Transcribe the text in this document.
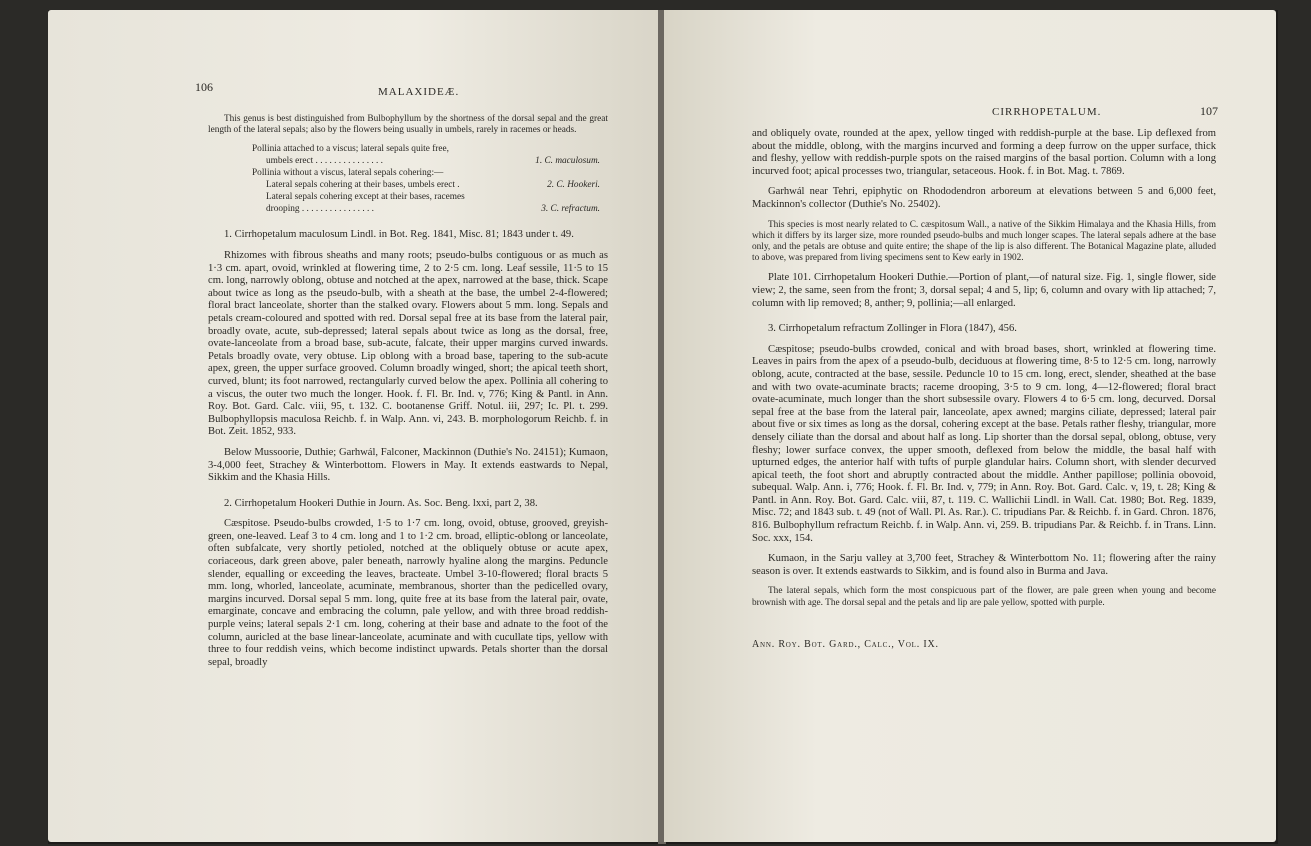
106	MALAXIDEÆ.

This genus is best distinguished from Bulbophyllum by the shortness of the dorsal sepal and the great length of the lateral sepals; also by the flowers being usually in umbels, rarely in racemes or heads.

Pollinia attached to a viscus; lateral sepals quite free,
umbels erect . . . . . . . . . . . . . . .	1. C. maculosum.
Pollinia without a viscus, lateral sepals cohering:—
Lateral sepals cohering at their bases, umbels erect .	2. C. Hookeri.
Lateral sepals cohering except at their bases, racemes
drooping . . . . . . . . . . . . . . . .	3. C. refractum.

1. Cirrhopetalum maculosum Lindl. in Bot. Reg. 1841, Misc. 81; 1843 under t. 49.

Rhizomes with fibrous sheaths and many roots; pseudo-bulbs contiguous or as much as 1·3 cm. apart, ovoid, wrinkled at flowering time, 2 to 2·5 cm. long. Leaf sessile, 11·5 to 15 cm. long, narrowly oblong, obtuse and notched at the apex, narrowed at the base, thick. Scape about twice as long as the pseudo-bulb, with a sheath at the base, the umbel 2-4-flowered; floral bract lanceolate, shorter than the stalked ovary. Flowers about 5 mm. long. Sepals and petals cream-coloured and spotted with red. Dorsal sepal free at its base from the lateral pair, broadly ovate, acute, sub-depressed; lateral sepals about twice as long as the dorsal, free, ovate-lanceolate from a broad base, sub-acute, falcate, their upper margins curved inwards. Petals broadly ovate, very obtuse. Lip oblong with a broad base, tapering to the sub-acute apex, green, the upper surface grooved. Column broadly winged, short; the apical teeth short, curved, blunt; its foot narrowed, rectangularly curved below the apex. Pollinia all cohering to a viscus, the outer two much the longer. Hook. f. Fl. Br. Ind. v, 776; King & Pantl. in Ann. Roy. Bot. Gard. Calc. viii, 95, t. 132. C. bootanense Griff. Notul. iii, 297; Ic. Pl. t. 299. Bulbophyllopsis maculosa Reichb. f. in Walp. Ann. vi, 243. B. morphologorum Reichb. f. in Bot. Zeit. 1852, 933.

Below Mussoorie, Duthie; Garhwál, Falconer, Mackinnon (Duthie's No. 24151); Kumaon, 3-4,000 feet, Strachey & Winterbottom. Flowers in May. It extends eastwards to Nepal, Sikkim and the Khasia Hills.

2. Cirrhopetalum Hookeri Duthie in Journ. As. Soc. Beng. lxxi, part 2, 38.

Cæspitose. Pseudo-bulbs crowded, 1·5 to 1·7 cm. long, ovoid, obtuse, grooved, greyish-green, one-leaved. Leaf 3 to 4 cm. long and 1 to 1·2 cm. broad, elliptic-oblong or lanceolate, often subfalcate, very shortly petioled, notched at the obliquely obtuse or acute apex, coriaceous, dark green above, paler beneath, narrowly hyaline along the margins. Peduncle slender, equalling or exceeding the leaves, bracteate. Umbel 3-10-flowered; floral bracts 5 mm. long, whorled, lanceolate, acuminate, membranous, shorter than the pedicelled ovary, margins incurved. Dorsal sepal 5 mm. long, quite free at its base from the lateral pair, ovate, emarginate, concave and embracing the column, pale yellow, and with three broad reddish-purple veins; lateral sepals 2·1 cm. long, cohering at their base and adnate to the foot of the column, auricled at the base linear-lanceolate, acuminate and with cucullate tips, yellow with three to four reddish veins, which become indistinct upwards. Petals shorter than the dorsal sepal, broadly

CIRRHOPETALUM.	107

and obliquely ovate, rounded at the apex, yellow tinged with reddish-purple at the base. Lip deflexed from about the middle, oblong, with the margins incurved and forming a deep furrow on the upper surface, thick and fleshy, yellow with reddish-purple spots on the raised margins of the basal portion. Column with a long incurved foot; apical processes two, triangular, setaceous. Hook. f. in Bot. Mag. t. 7869.

Garhwál near Tehri, epiphytic on Rhododendron arboreum at elevations between 5 and 6,000 feet, Mackinnon's collector (Duthie's No. 25402).

This species is most nearly related to C. cæspitosum Wall., a native of the Sikkim Himalaya and the Khasia Hills, from which it differs by its larger size, more rounded pseudo-bulbs and much longer scapes. The lateral sepals adhere at the base only, and the petals are obtuse and quite entire; the shape of the lip is also different. The Botanical Magazine plate, alluded to above, was prepared from living specimens sent to Kew early in 1902.

Plate 101. Cirrhopetalum Hookeri Duthie.—Portion of plant,—of natural size. Fig. 1, single flower, side view; 2, the same, seen from the front; 3, dorsal sepal; 4 and 5, lip; 6, column and ovary with lip attached; 7, column with lip removed; 8, anther; 9, pollinia;—all enlarged.

3. Cirrhopetalum refractum Zollinger in Flora (1847), 456.

Cæspitose; pseudo-bulbs crowded, conical and with broad bases, short, wrinkled at flowering time. Leaves in pairs from the apex of a pseudo-bulb, deciduous at flowering time, 8·5 to 12·5 cm. long, narrowly oblong, acute, contracted at the base, sessile. Peduncle 10 to 15 cm. long, erect, slender, sheathed at the base and with two ovate-acuminate bracts; raceme drooping, 3·5 to 9 cm. long, 4—12-flowered; floral bract ovate-acuminate, much longer than the short subsessile ovary. Flowers 4 to 6·5 cm. long, decurved. Dorsal sepal free at the base from the lateral pair, lanceolate, apex awned; margins ciliate, depressed; lateral pair about five or six times as long as the dorsal, cohering except at the base. Petals rather fleshy, triangular, more densely ciliate than the dorsal and about half as long. Lip shorter than the dorsal sepal, oblong, obtuse, very fleshy; lower surface convex, the upper smooth, deflexed from below the middle, the basal half with upturned edges, the anterior half with tufts of purple glandular hairs. Column short, with slender decurved apical teeth, the foot short and abruptly contracted about the middle. Anther papillose; pollinia obovoid, subequal. Walp. Ann. i, 776; Hook. f. Fl. Br. Ind. v, 779; in Ann. Roy. Bot. Gard. Calc. v, 19, t. 28; King & Pantl. in Ann. Roy. Bot. Gard. Calc. viii, 87, t. 119. C. Wallichii Lindl. in Wall. Cat. 1980; Bot. Reg. 1839, Misc. 72; and 1843 sub. t. 49 (not of Wall. Pl. As. Rar.). C. tripudians Par. & Reichb. f. in Gard. Chron. 1876, 816. Bulbophyllum refractum Reichb. f. in Walp. Ann. vi, 259. B. tripudians Par. & Reichb. f. in Trans. Linn. Soc. xxx, 154.

Kumaon, in the Sarju valley at 3,700 feet, Strachey & Winterbottom No. 11; flowering after the rainy season is over. It extends eastwards to Sikkim, and is found also in Burma and Java.

The lateral sepals, which form the most conspicuous part of the flower, are pale green when young and become brownish with age. The dorsal sepal and the petals and lip are pale yellow, spotted with purple.

Ann. Roy. Bot. Gard., Calc., Vol. IX.
